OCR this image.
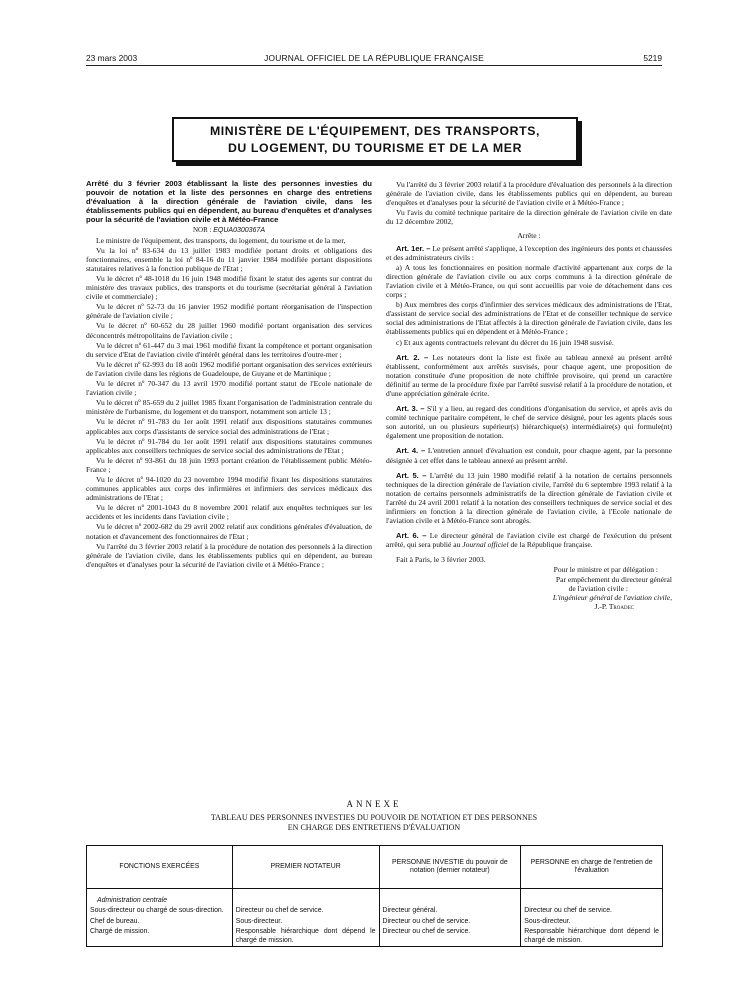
23 mars 2003	JOURNAL OFFICIEL DE LA RÉPUBLIQUE FRANÇAISE	5219
MINISTÈRE DE L'ÉQUIPEMENT, DES TRANSPORTS,
DU LOGEMENT, DU TOURISME ET DE LA MER

Arrêté du 3 février 2003 établissant la liste des personnes investies du pouvoir de notation et la liste des personnes en charge des entretiens d'évaluation à la direction générale de l'aviation civile, dans les établissements publics qui en dépendent, au bureau d'enquêtes et d'analyses pour la sécurité de l'aviation civile et à Météo-France

NOR : EQUA0300367A

Le ministre de l'équipement, des transports, du logement, du tourisme et de la mer,

Vu la loi nº 83-634 du 13 juillet 1983 modifiée portant droits et obligations des fonctionnaires, ensemble la loi nº 84-16 du 11 janvier 1984 modifiée portant dispositions statutaires relatives à la fonction publique de l'Etat ;

Vu le décret nº 48-1018 du 16 juin 1948 modifié fixant le statut des agents sur contrat du ministère des travaux publics, des transports et du tourisme (secrétariat général à l'aviation civile et commerciale) ;

Vu le décret nº 52-73 du 16 janvier 1952 modifié portant réorganisation de l'inspection générale de l'aviation civile ;

Vu le décret nº 60-652 du 28 juillet 1960 modifié portant organisation des services déconcentrés métropolitains de l'aviation civile ;

Vu le décret nº 61-447 du 3 mai 1961 modifié fixant la compétence et portant organisation du service d'Etat de l'aviation civile d'intérêt général dans les territoires d'outre-mer ;

Vu le décret nº 62-993 du 18 août 1962 modifié portant organisation des services extérieurs de l'aviation civile dans les régions de Guadeloupe, de Guyane et de Martinique ;

Vu le décret nº 70-347 du 13 avril 1970 modifié portant statut de l'Ecole nationale de l'aviation civile ;

Vu le décret nº 85-659 du 2 juillet 1985 fixant l'organisation de l'administration centrale du ministère de l'urbanisme, du logement et du transport, notamment son article 13 ;

Vu le décret nº 91-783 du 1er août 1991 relatif aux dispositions statutaires communes applicables aux corps d'assistants de service social des administrations de l'Etat ;

Vu le décret nº 91-784 du 1er août 1991 relatif aux dispositions statutaires communes applicables aux conseillers techniques de service social des administrations de l'Etat ;

Vu le décret nº 93-861 du 18 juin 1993 portant création de l'établissement public Météo-France ;

Vu le décret nº 94-1020 du 23 novembre 1994 modifié fixant les dispositions statutaires communes applicables aux corps des infirmières et infirmiers des services médicaux des administrations de l'Etat ;

Vu le décret nº 2001-1043 du 8 novembre 2001 relatif aux enquêtes techniques sur les accidents et les incidents dans l'aviation civile ;

Vu le décret nº 2002-682 du 29 avril 2002 relatif aux conditions générales d'évaluation, de notation et d'avancement des fonctionnaires de l'Etat ;

Vu l'arrêté du 3 février 2003 relatif à la procédure de notation des personnels à la direction générale de l'aviation civile, dans les établissements publics qui en dépendent, au bureau d'enquêtes et d'analyses pour la sécurité de l'aviation civile et à Météo-France ;

Vu l'arrêté du 3 février 2003 relatif à la procédure d'évaluation des personnels à la direction générale de l'aviation civile, dans les établissements publics qui en dépendent, au bureau d'enquêtes et d'analyses pour la sécurité de l'aviation civile et à Météo-France ;

Vu l'avis du comité technique paritaire de la direction générale de l'aviation civile en date du 12 décembre 2002,

Arrête :

Art. 1er. – Le présent arrêté s'applique, à l'exception des ingénieurs des ponts et chaussées et des administrateurs civils :

a) A tous les fonctionnaires en position normale d'activité appartenant aux corps de la direction générale de l'aviation civile ou aux corps communs à la direction générale de l'aviation civile et à Météo-France, ou qui sont accueillis par voie de détachement dans ces corps ;

b) Aux membres des corps d'infirmier des services médicaux des administrations de l'Etat, d'assistant de service social des administrations de l'Etat et de conseiller technique de service social des administrations de l'Etat affectés à la direction générale de l'aviation civile, dans les établissements publics qui en dépendent et à Météo-France ;

c) Et aux agents contractuels relevant du décret du 16 juin 1948 susvisé.

Art. 2. – Les notateurs dont la liste est fixée au tableau annexé au présent arrêté établissent, conformément aux arrêtés susvisés, pour chaque agent, une proposition de notation constituée d'une proposition de note chiffrée provisoire, qui prend un caractère définitif au terme de la procédure fixée par l'arrêté susvisé relatif à la procédure de notation, et d'une appréciation générale écrite.

Art. 3. – S'il y a lieu, au regard des conditions d'organisation du service, et après avis du comité technique paritaire compétent, le chef de service désigné, pour les agents placés sous son autorité, un ou plusieurs supérieur(s) hiérarchique(s) intermédiaire(s) qui formule(nt) également une proposition de notation.

Art. 4. – L'entretien annuel d'évaluation est conduit, pour chaque agent, par la personne désignée à cet effet dans le tableau annexé au présent arrêté.

Art. 5. – L'arrêté du 13 juin 1980 modifié relatif à la notation de certains personnels techniques de la direction générale de l'aviation civile, l'arrêté du 6 septembre 1993 relatif à la notation de certains personnels administratifs de la direction générale de l'aviation civile et l'arrêté du 24 avril 2001 relatif à la notation des conseillers techniques de service social et des infirmiers en fonction à la direction générale de l'aviation civile, à l'Ecole nationale de l'aviation civile et à Météo-France sont abrogés.

Art. 6. – Le directeur général de l'aviation civile est chargé de l'exécution du présent arrêté, qui sera publié au Journal officiel de la République française.

Fait à Paris, le 3 février 2003.

Pour le ministre et par délégation :

Par empêchement du directeur général

de l'aviation civile :

L'ingénieur général de l'aviation civile,

J.-P. Troadec

ANNEXE
TABLEAU DES PERSONNES INVESTIES DU POUVOIR DE NOTATION ET DES PERSONNES
EN CHARGE DES ENTRETIENS D'ÉVALUATION
FONCTIONS EXERCÉES	PREMIER NOTATEUR	PERSONNE INVESTIE du pouvoir de notation (dernier notateur)	PERSONNE en charge de l'entretien de l'évaluation
Administration centrale			
Sous-directeur ou chargé de sous-direction.	Directeur ou chef de service.	Directeur général.	Directeur ou chef de service.
Chef de bureau.	Sous-directeur.	Directeur ou chef de service.	Sous-directeur.
Chargé de mission.	Responsable hiérarchique dont dépend le chargé de mission.	Directeur ou chef de service.	Responsable hiérarchique dont dépend le chargé de mission.
